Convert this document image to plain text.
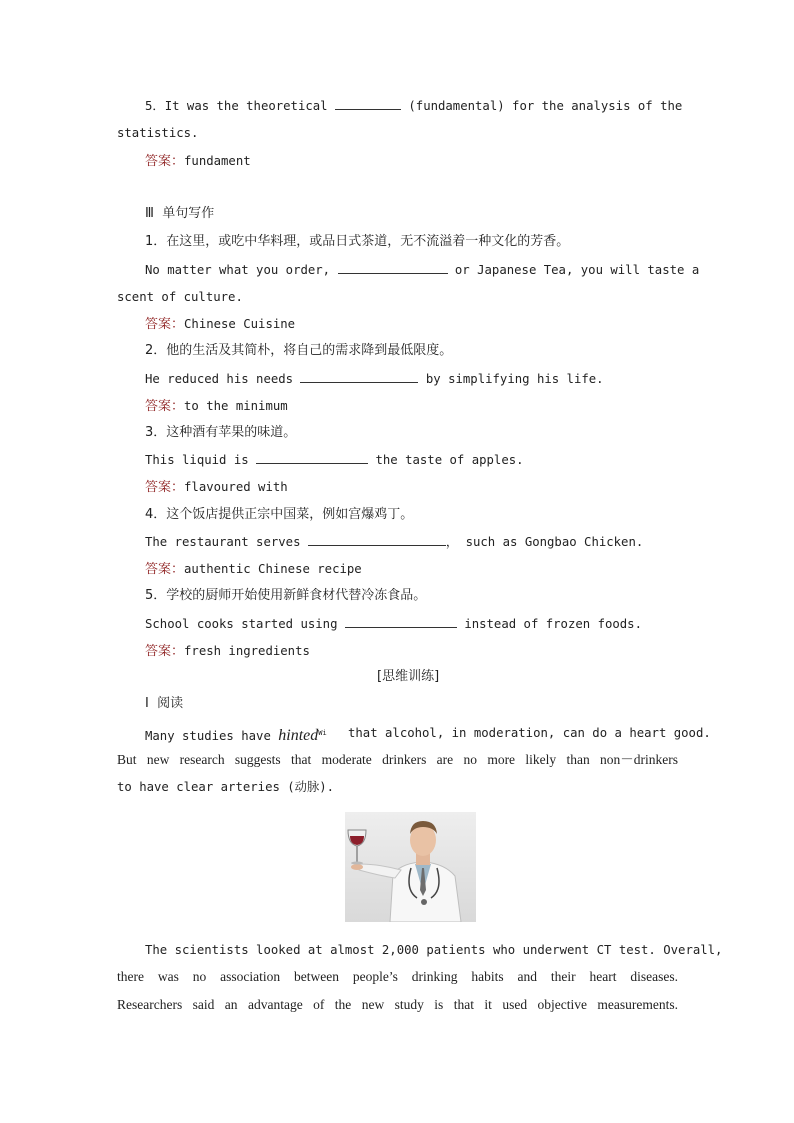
5．It was the theoretical	(fundamental) for the analysis of the
statistics.
答案：fundament
Ⅲ 单句写作
1．在这里，或吃中华料理，或品日式茶道，无不流溢着一种文化的芳香。
No matter what you order,	or Japanese Tea, you will taste a
scent of culture.
答案：Chinese Cuisine
2．他的生活及其简朴，将自己的需求降到最低限度。
He reduced his needs	by simplifying his life.
答案：to the minimum
3．这种酒有苹果的味道。
This liquid is	the taste of apples.
答案：flavoured with
4．这个饭店提供正宗中国菜，例如宫爆鸡丁。
The restaurant serves	， such as Gongbao Chicken.
答案：authentic Chinese recipe
5．学校的厨师开始使用新鲜食材代替冷冻食品。
School cooks started using	instead of frozen foods.
答案：fresh ingredients
[思维训练]
Ⅰ 阅读
Many studies have hinted$^{Wi}$ that alcohol, in moderation, can do a heart good.
But new research suggests that moderate drinkers are no more likely than non－drinkers
to have clear arteries (动脉).
The scientists looked at almost 2,000 patients who underwent CT test. Overall,
there was no association between people’s drinking habits and their heart diseases.
Researchers said an advantage of the new study is that it used objective measurements.
